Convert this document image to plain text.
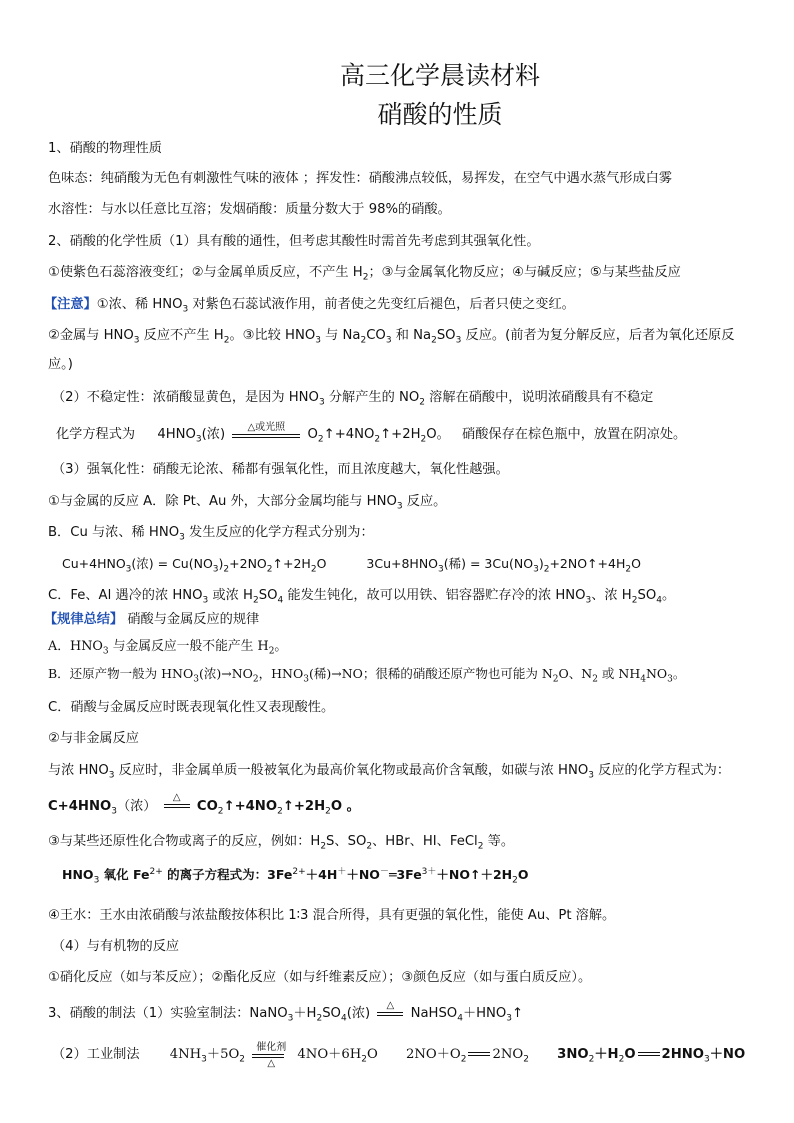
高三化学晨读材料
硝酸的性质
1、硝酸的物理性质
色味态：纯硝酸为无色有刺激性气味的液体 ；挥发性：硝酸沸点较低，易挥发，在空气中遇水蒸气形成白雾
水溶性：与水以任意比互溶；发烟硝酸：质量分数大于 98%的硝酸。
2、硝酸的化学性质（1）具有酸的通性，但考虑其酸性时需首先考虑到其强氧化性。
①使紫色石蕊溶液变红；②与金属单质反应，不产生 $H_2$；③与金属氧化物反应；④与碱反应；⑤与某些盐反应
【注意】①浓、稀 $HNO_3$ 对紫色石蕊试液作用，前者使之先变红后褪色，后者只使之变红。
②金属与 $HNO_3$ 反应不产生 $H_2$。③比较 $HNO_3$ 与 $Na_2CO_3$ 和 $Na_2SO_3$ 反应。(前者为复分解反应，后者为氧化还原反
应。)
（2）不稳定性：浓硝酸显黄色，是因为 $HNO_3$ 分解产生的 $NO_2$ 溶解在硝酸中，说明浓硝酸具有不稳定
化学方程式为 $4HNO_3$(浓)	△或光照
	$O_2↑+4NO_2↑+2H_2O$。 硝酸保存在棕色瓶中，放置在阴凉处。
（3）强氧化性：硝酸无论浓、稀都有强氧化性，而且浓度越大，氧化性越强。
①与金属的反应 A．除 Pt、Au 外，大部分金属均能与 $HNO_3$ 反应。
B．Cu 与浓、稀 $HNO_3$ 发生反应的化学方程式分别为：
$Cu+4HNO_3$(浓) = $Cu(NO_3)_2+2NO_2↑+2H_2O$	$3Cu+8HNO_3$(稀) = $3Cu(NO_3)_2+2NO↑+4H_2O$
C．Fe、Al 遇冷的浓 $HNO_3$ 或浓 $H_2SO_4$ 能发生钝化，故可以用铁、铝容器贮存冷的浓 $HNO_3$、浓 $H_2SO_4$。
【规律总结】 硝酸与金属反应的规律
A．$HNO_3$ 与金属反应一般不能产生 $H_2$。
B．还原产物一般为 $HNO_3$(浓)$\to NO_2$，$HNO_3$(稀)→NO；很稀的硝酸还原产物也可能为 $N_2O$、$N_2$ 或 $NH_4NO_3$。
C．硝酸与金属反应时既表现氧化性又表现酸性。
②与非金属反应
与浓 $HNO_3$ 反应时，非金属单质一般被氧化为最高价氧化物或最高价含氧酸，如碳与浓 $HNO_3$ 反应的化学方程式为：
$C+4HNO_3$（浓）
△

$CO_2↑+4NO_2↑+2H_2O$ 。
③与某些还原性化合物或离子的反应，例如：$H_2S$、$SO_2$、HBr、HI、FeCl$_2$ 等。
$HNO_3$ 氧化 $Fe^{2+}$ 的离子方程式为：$3Fe^{2+}+4H^++NO^-═3Fe^{3+}+NO↑+2H_2O$
④王水：王水由浓硝酸与浓盐酸按体积比 1∶3 混合所得，具有更强的氧化性，能使 Au、Pt 溶解。
（4）与有机物的反应
①硝化反应（如与苯反应）；②酯化反应（如与纤维素反应）；③颜色反应（如与蛋白质反应）。
3、硝酸的制法（1）实验室制法：$NaNO_3+H_2SO_4$(浓)
△

$NaHSO_4+HNO_3↑$
（2）工业制法 $4NH_3+5O_2$
催化剂
△
$4NO+6H_2O$ $2NO+O_2$ $2NO_2$ $3NO_2+H_2O$ $2HNO_3+NO$
